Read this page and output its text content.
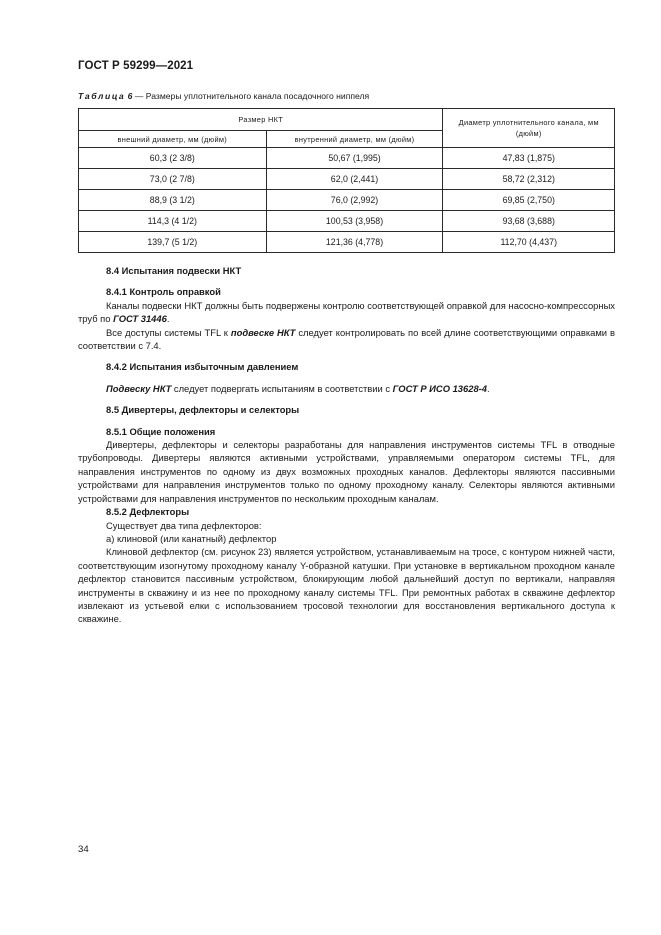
ГОСТ Р 59299—2021
Таблица 6 — Размеры уплотнительного канала посадочного ниппеля
Размер НКТ		Диаметр уплотнительного канала, мм (дюйм)
внешний диаметр, мм (дюйм)	внутренний диаметр, мм (дюйм)	
60,3 (2 3/8)	50,67 (1,995)	47,83 (1,875)
73,0 (2 7/8)	62,0 (2,441)	58,72 (2,312)
88,9 (3 1/2)	76,0 (2,992)	69,85 (2,750)
114,3 (4 1/2)	100,53 (3,958)	93,68 (3,688)
139,7 (5 1/2)	121,36 (4,778)	112,70 (4,437)

8.4 Испытания подвески НКТ

8.4.1 Контроль оправкой

Каналы подвески НКТ должны быть подвержены контролю соответствующей оправкой для насосно-компрессорных труб по ГОСТ 31446.

Все доступы системы TFL к подвеске НКТ следует контролировать по всей длине соответствующими оправками в соответствии с 7.4.

8.4.2 Испытания избыточным давлением

Подвеску НКТ следует подвергать испытаниям в соответствии с ГОСТ Р ИСО 13628-4.

8.5 Дивертеры, дефлекторы и селекторы

8.5.1 Общие положения

Дивертеры, дефлекторы и селекторы разработаны для направления инструментов системы TFL в отводные трубопроводы. Дивертеры являются активными устройствами, управляемыми оператором системы TFL, для направления инструментов по одному из двух возможных проходных каналов. Дефлекторы являются пассивными устройствами для направления инструментов только по одному проходному каналу. Селекторы являются активными устройствами для направления инструментов по нескольким проходным каналам.

8.5.2 Дефлекторы

Существует два типа дефлекторов:

а) клиновой (или канатный) дефлектор

Клиновой дефлектор (см. рисунок 23) является устройством, устанавливаемым на тросе, с контуром нижней части, соответствующим изогнутому проходному каналу Y-образной катушки. При установке в вертикальном проходном канале дефлектор становится пассивным устройством, блокирующим любой дальнейший доступ по вертикали, направляя инструменты в скважину и из нее по проходному каналу системы TFL. При ремонтных работах в скважине дефлектор извлекают из устьевой елки с использованием тросовой технологии для восстановления вертикального доступа к скважине.

34
